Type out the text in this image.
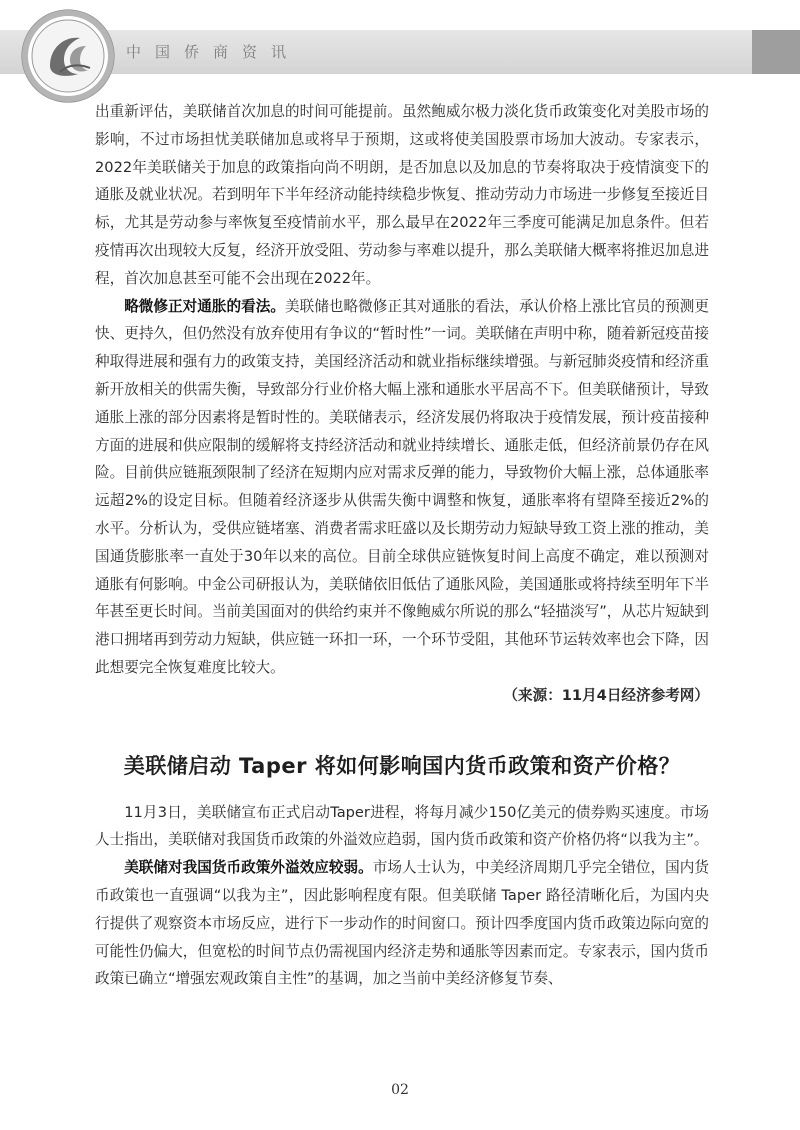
中国侨商资讯

出重新评估，美联储首次加息的时间可能提前。虽然鲍威尔极力淡化货币政策变化对美股市场的影响，不过市场担忧美联储加息或将早于预期，这或将使美国股票市场加大波动。专家表示，2022年美联储关于加息的政策指向尚不明朗，是否加息以及加息的节奏将取决于疫情演变下的通胀及就业状况。若到明年下半年经济动能持续稳步恢复、推动劳动力市场进一步修复至接近目标，尤其是劳动参与率恢复至疫情前水平，那么最早在2022年三季度可能满足加息条件。但若疫情再次出现较大反复，经济开放受阻、劳动参与率难以提升，那么美联储大概率将推迟加息进程，首次加息甚至可能不会出现在2022年。

略微修正对通胀的看法。美联储也略微修正其对通胀的看法，承认价格上涨比官员的预测更快、更持久，但仍然没有放弃使用有争议的“暂时性”一词。美联储在声明中称，随着新冠疫苗接种取得进展和强有力的政策支持，美国经济活动和就业指标继续增强。与新冠肺炎疫情和经济重新开放相关的供需失衡，导致部分行业价格大幅上涨和通胀水平居高不下。但美联储预计，导致通胀上涨的部分因素将是暂时性的。美联储表示，经济发展仍将取决于疫情发展，预计疫苗接种方面的进展和供应限制的缓解将支持经济活动和就业持续增长、通胀走低，但经济前景仍存在风险。目前供应链瓶颈限制了经济在短期内应对需求反弹的能力，导致物价大幅上涨，总体通胀率远超2%的设定目标。但随着经济逐步从供需失衡中调整和恢复，通胀率将有望降至接近2%的水平。分析认为，受供应链堵塞、消费者需求旺盛以及长期劳动力短缺导致工资上涨的推动，美国通货膨胀率一直处于30年以来的高位。目前全球供应链恢复时间上高度不确定，难以预测对通胀有何影响。中金公司研报认为，美联储依旧低估了通胀风险，美国通胀或将持续至明年下半年甚至更长时间。当前美国面对的供给约束并不像鲍威尔所说的那么“轻描淡写”，从芯片短缺到港口拥堵再到劳动力短缺，供应链一环扣一环，一个环节受阻，其他环节运转效率也会下降，因此想要完全恢复难度比较大。

（来源：11月4日经济参考网）

美联储启动 Taper 将如何影响国内货币政策和资产价格？

11月3日，美联储宣布正式启动Taper进程，将每月减少150亿美元的债券购买速度。市场人士指出，美联储对我国货币政策的外溢效应趋弱，国内货币政策和资产价格仍将“以我为主”。

美联储对我国货币政策外溢效应较弱。市场人士认为，中美经济周期几乎完全错位，国内货币政策也一直强调“以我为主”，因此影响程度有限。但美联储 Taper 路径清晰化后，为国内央行提供了观察资本市场反应，进行下一步动作的时间窗口。预计四季度国内货币政策边际向宽的可能性仍偏大，但宽松的时间节点仍需视国内经济走势和通胀等因素而定。专家表示，国内货币政策已确立“增强宏观政策自主性”的基调，加之当前中美经济修复节奏、

02
